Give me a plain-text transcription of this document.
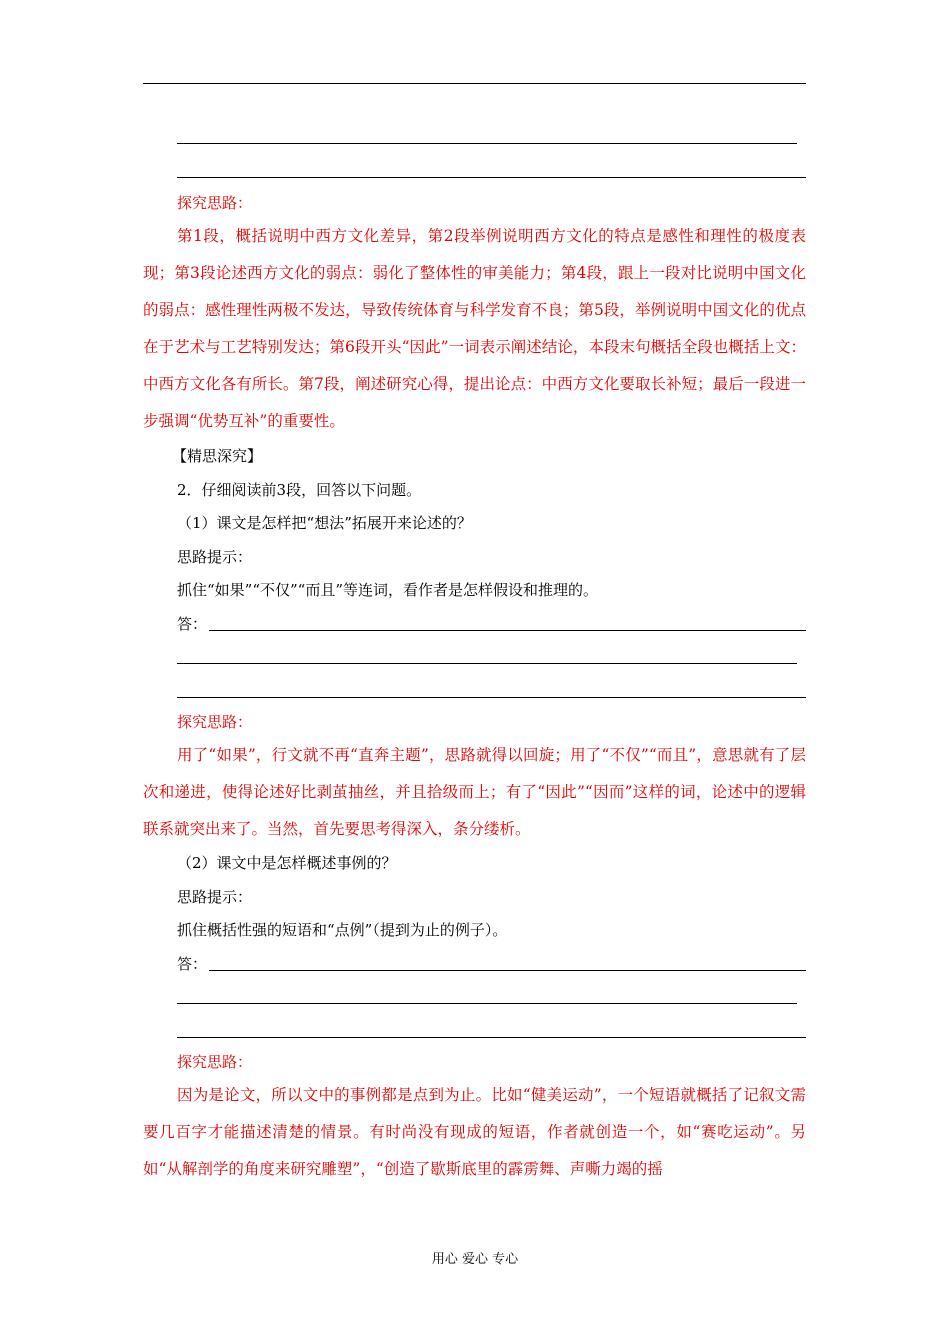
探究思路：

第1段，概括说明中西方文化差异，第2段举例说明西方文化的特点是感性和理性的极度表现；第3段论述西方文化的弱点：弱化了整体性的审美能力；第4段，跟上一段对比说明中国文化的弱点：感性理性两极不发达，导致传统体育与科学发育不良；第5段，举例说明中国文化的优点在于艺术与工艺特别发达；第6段开头“因此”一词表示阐述结论，本段末句概括全段也概括上文：中西方文化各有所长。第7段，阐述研究心得，提出论点：中西方文化要取长补短；最后一段进一步强调“优势互补”的重要性。

【精思深究】
2．仔细阅读前3段，回答以下问题。
（1）课文是怎样把“想法”拓展开来论述的？
思路提示：
抓住“如果”“不仅”“而且”等连词，看作者是怎样假设和推理的。
答：
探究思路：

用了“如果”，行文就不再“直奔主题”，思路就得以回旋；用了“不仅”“而且”，意思就有了层次和递进，使得论述好比剥茧抽丝，并且拾级而上；有了“因此”“因而”这样的词，论述中的逻辑联系就突出来了。当然，首先要思考得深入，条分缕析。

（2）课文中是怎样概述事例的？
思路提示：
抓住概括性强的短语和“点例”（提到为止的例子）。
答：
探究思路：

因为是论文，所以文中的事例都是点到为止。比如“健美运动”，一个短语就概括了记叙文需要几百字才能描述清楚的情景。有时尚没有现成的短语，作者就创造一个，如“赛吃运动”。另如“从解剖学的角度来研究雕塑”，“创造了歇斯底里的霹雳舞、声嘶力竭的摇

用心 爱心 专心
